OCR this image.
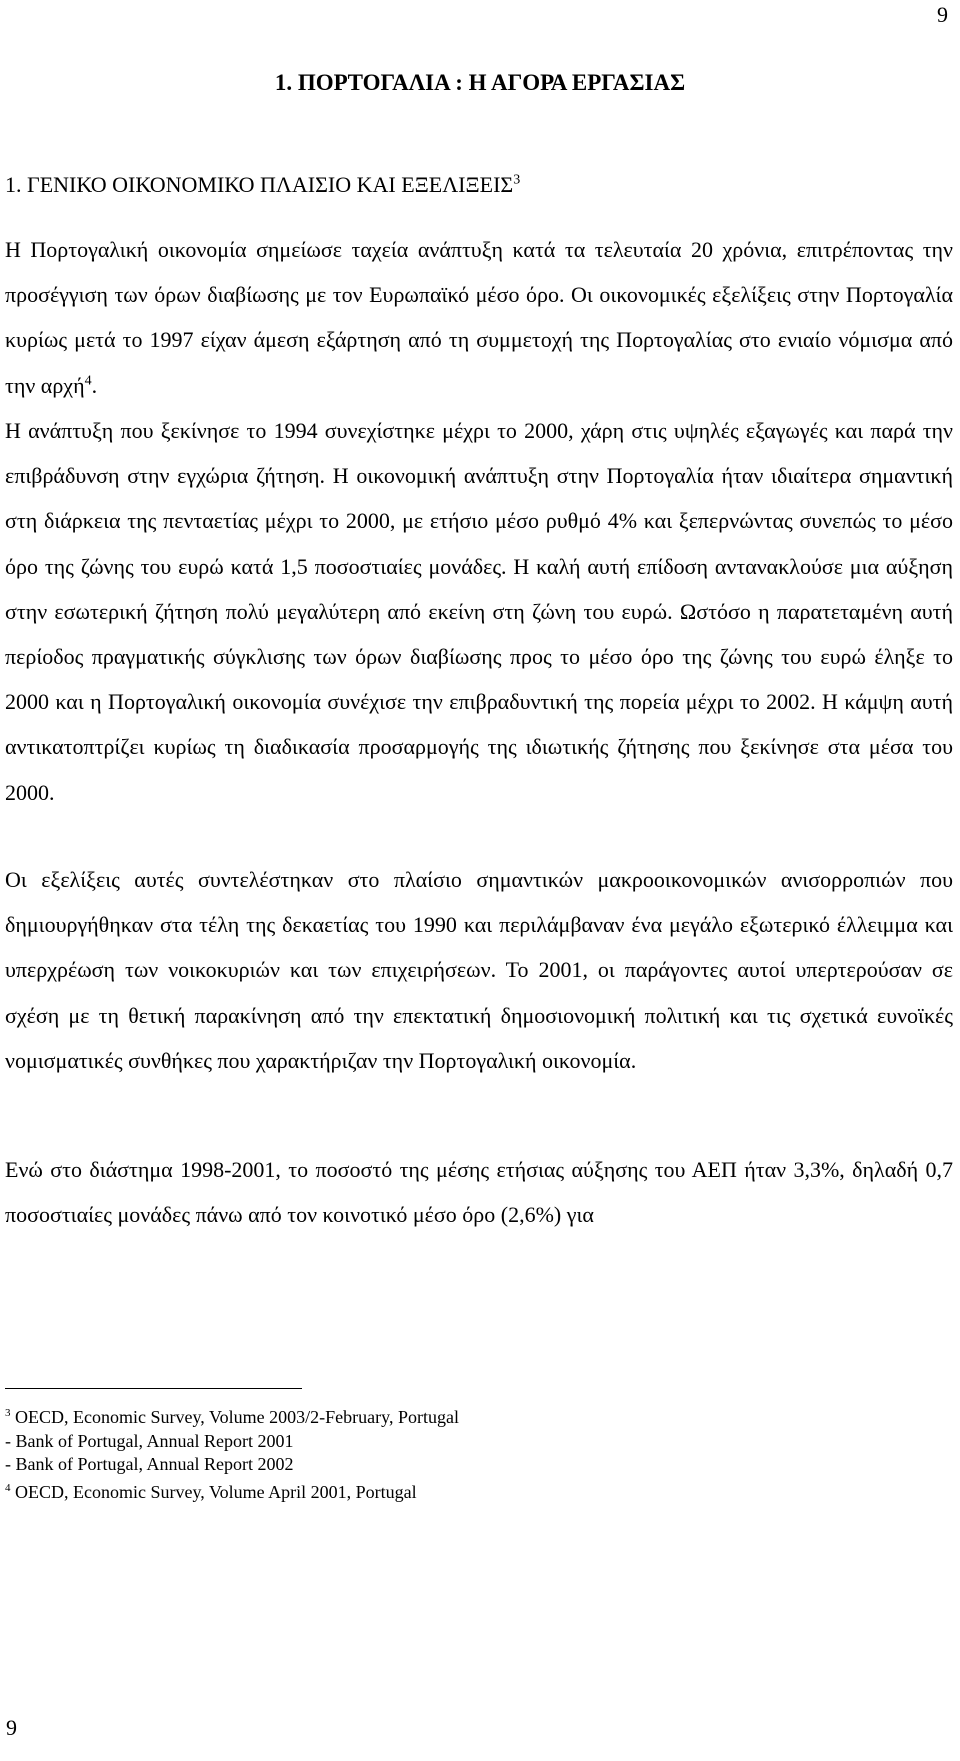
9
1. ΠΟΡΤΟΓΑΛΙΑ : Η ΑΓΟΡΑ ΕΡΓΑΣΙΑΣ
1. ΓΕΝΙΚΟ ΟΙΚΟΝΟΜΙΚΟ ΠΛΑΙΣΙΟ ΚΑΙ ΕΞΕΛΙΞΕΙΣ$^3$

Η Πορτογαλική οικονομία σημείωσε ταχεία ανάπτυξη κατά τα τελευταία 20 χρόνια, επιτρέποντας την προσέγγιση των όρων διαβίωσης με τον Ευρωπαϊκό μέσο όρο. Οι οικονομικές εξελίξεις στην Πορτογαλία κυρίως μετά το 1997 είχαν άμεση εξάρτηση από τη συμμετοχή της Πορτογαλίας στο ενιαίο νόμισμα από την αρχή$^4$.

Η ανάπτυξη που ξεκίνησε το 1994 συνεχίστηκε μέχρι το 2000, χάρη στις υψηλές εξαγωγές και παρά την επιβράδυνση στην εγχώρια ζήτηση. Η οικονομική ανάπτυξη στην Πορτογαλία ήταν ιδιαίτερα σημαντική στη διάρκεια της πενταετίας μέχρι το 2000, με ετήσιο μέσο ρυθμό 4% και ξεπερνώντας συνεπώς το μέσο όρο της ζώνης του ευρώ κατά 1,5 ποσοστιαίες μονάδες. Η καλή αυτή επίδοση αντανακλούσε μια αύξηση στην εσωτερική ζήτηση πολύ μεγαλύτερη από εκείνη στη ζώνη του ευρώ. Ωστόσο η παρατεταμένη αυτή περίοδος πραγματικής σύγκλισης των όρων διαβίωσης προς το μέσο όρο της ζώνης του ευρώ έληξε το 2000 και η Πορτογαλική οικονομία συνέχισε την επιβραδυντική της πορεία μέχρι το 2002. Η κάμψη αυτή αντικατοπτρίζει κυρίως τη διαδικασία προσαρμογής της ιδιωτικής ζήτησης που ξεκίνησε στα μέσα του 2000.

Οι εξελίξεις αυτές συντελέστηκαν στο πλαίσιο σημαντικών μακροοικονομικών ανισορροπιών που δημιουργήθηκαν στα τέλη της δεκαετίας του 1990 και περιλάμβαναν ένα μεγάλο εξωτερικό έλλειμμα και υπερχρέωση των νοικοκυριών και των επιχειρήσεων. Το 2001, οι παράγοντες αυτοί υπερτερούσαν σε σχέση με τη θετική παρακίνηση από την επεκτατική δημοσιονομική πολιτική και τις σχετικά ευνοϊκές νομισματικές συνθήκες που χαρακτήριζαν την Πορτογαλική οικονομία.

Ενώ στο διάστημα 1998-2001, το ποσοστό της μέσης ετήσιας αύξησης του ΑΕΠ ήταν 3,3%, δηλαδή 0,7 ποσοστιαίες μονάδες πάνω από τον κοινοτικό μέσο όρο (2,6%) για

$^3$ OECD, Economic Survey, Volume 2003/2-February, Portugal
- Bank of Portugal, Annual Report 2001
- Bank of Portugal, Annual Report 2002
$^4$ OECD, Economic Survey, Volume April 2001, Portugal
9
